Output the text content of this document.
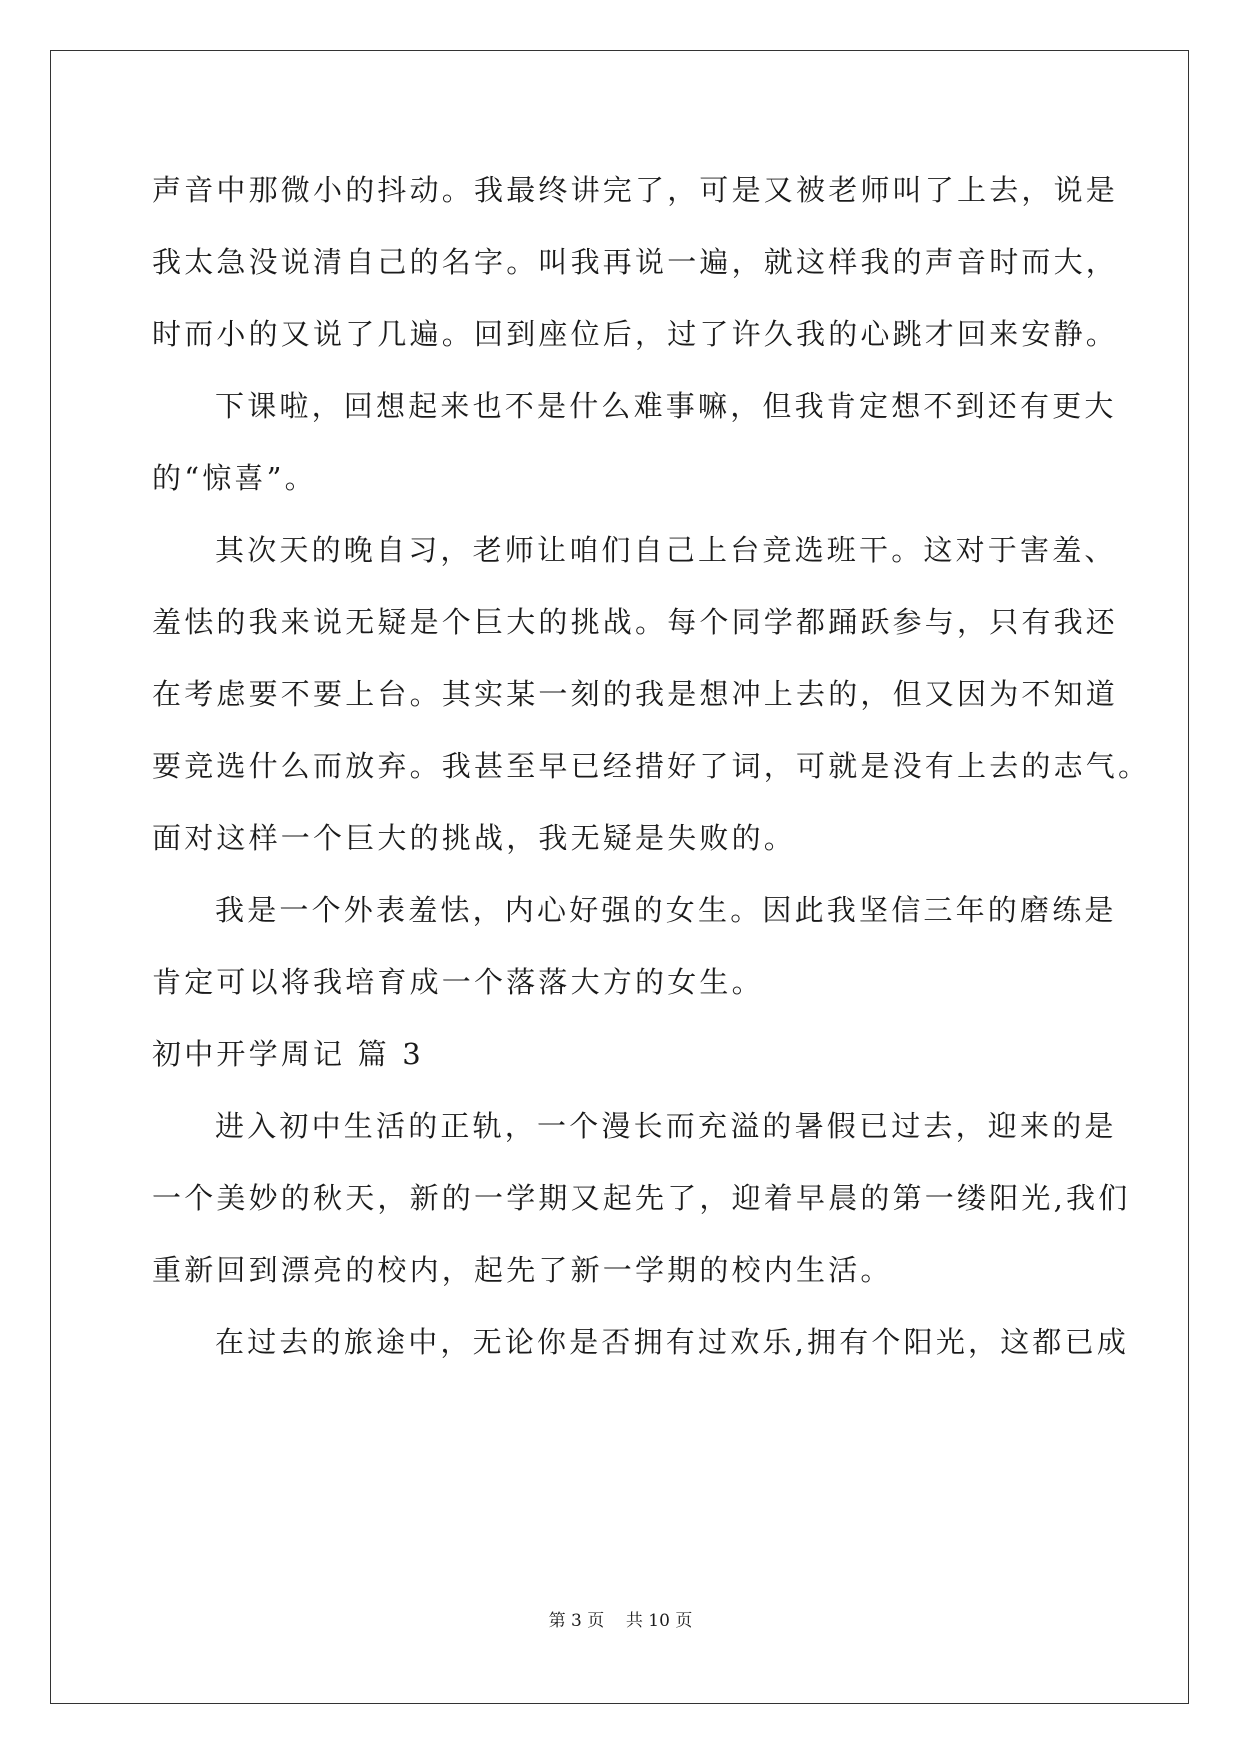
声音中那微小的抖动。我最终讲完了，可是又被老师叫了上去，说是

我太急没说清自己的名字。叫我再说一遍，就这样我的声音时而大，

时而小的又说了几遍。回到座位后，过了许久我的心跳才回来安静。

下课啦，回想起来也不是什么难事嘛，但我肯定想不到还有更大

的“惊喜”。

其次天的晚自习，老师让咱们自己上台竞选班干。这对于害羞、

羞怯的我来说无疑是个巨大的挑战。每个同学都踊跃参与，只有我还

在考虑要不要上台。其实某一刻的我是想冲上去的，但又因为不知道

要竞选什么而放弃。我甚至早已经措好了词，可就是没有上去的志气。

面对这样一个巨大的挑战，我无疑是失败的。

我是一个外表羞怯，内心好强的女生。因此我坚信三年的磨练是

肯定可以将我培育成一个落落大方的女生。

初中开学周记 篇 3

进入初中生活的正轨，一个漫长而充溢的暑假已过去，迎来的是

一个美妙的秋天，新的一学期又起先了，迎着早晨的第一缕阳光,我们

重新回到漂亮的校内，起先了新一学期的校内生活。

在过去的旅途中，无论你是否拥有过欢乐,拥有个阳光，这都已成

第 3 页    共 10 页
